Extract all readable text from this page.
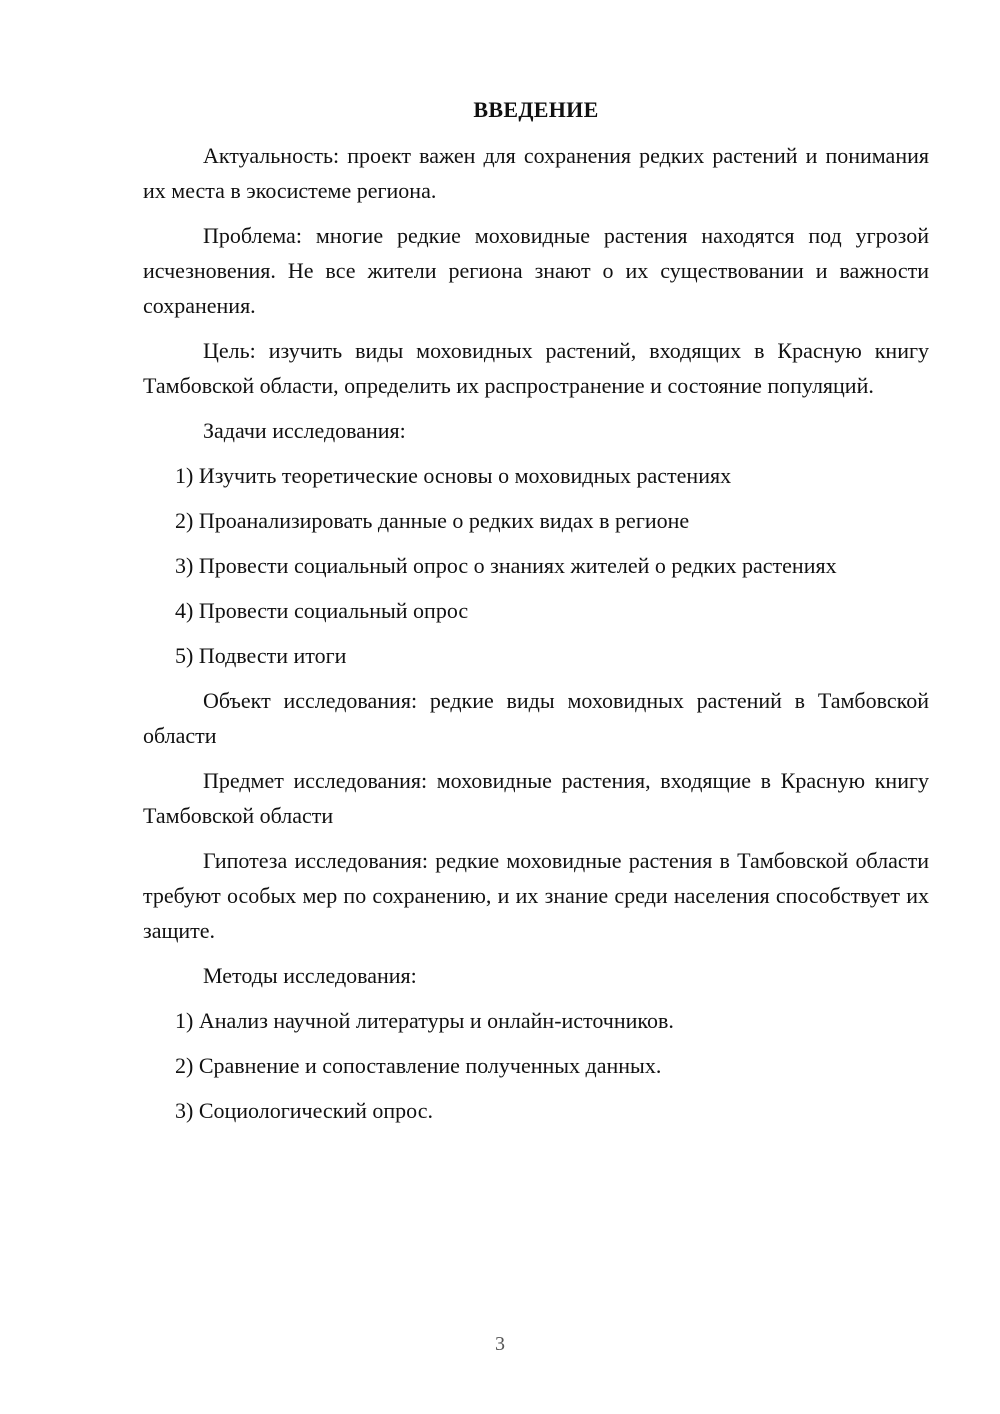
ВВЕДЕНИЕ

Актуальность: проект важен для сохранения редких растений и понимания их места в экосистеме региона.

Проблема: многие редкие моховидные растения находятся под угрозой исчезновения. Не все жители региона знают о их существовании и важности сохранения.

Цель: изучить виды моховидных растений, входящих в Красную книгу Тамбовской области, определить их распространение и состояние популяций.

Задачи исследования:

1) Изучить теоретические основы о моховидных растениях
2) Проанализировать данные о редких видах в регионе
3) Провести социальный опрос о знаниях жителей о редких растениях
4) Провести социальный опрос
5) Подвести итоги

Объект исследования: редкие виды моховидных растений в Тамбовской области

Предмет исследования: моховидные растения, входящие в Красную книгу Тамбовской области

Гипотеза исследования: редкие моховидные растения в Тамбовской области требуют особых мер по сохранению, и их знание среди населения способствует их защите.

Методы исследования:

1) Анализ научной литературы и онлайн-источников.
2) Сравнение и сопоставление полученных данных.
3) Социологический опрос.
3
